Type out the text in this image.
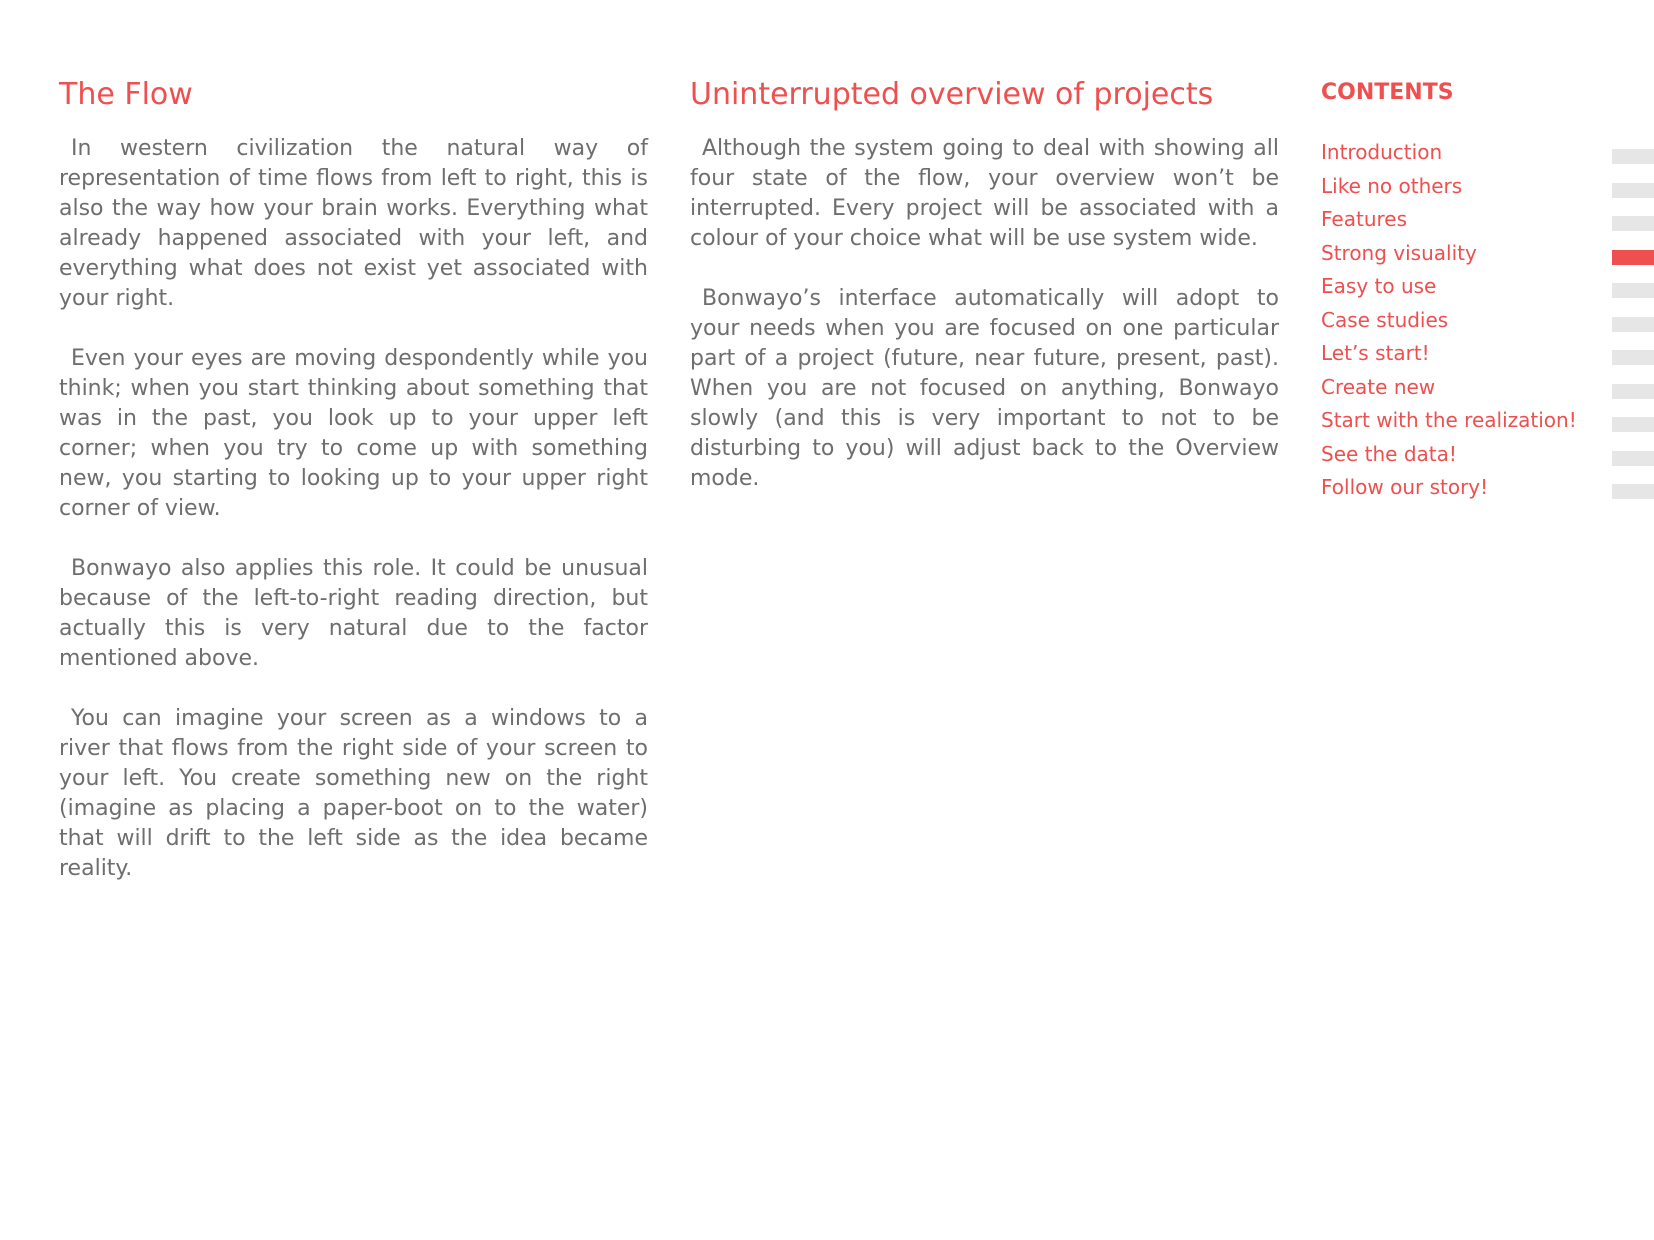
The Flow

In western civilization the natural way of representation of time flows from left to right, this is also the way how your brain works. Everything what already happened associated with your left, and everything what does not exist yet associated with your right.

Even your eyes are moving despondently while you think; when you start thinking about something that was in the past, you look up to your upper left corner; when you try to come up with something new, you starting to looking up to your upper right corner of view.

Bonwayo also applies this role. It could be unusual because of the left-to-right reading direction, but actually this is very natural due to the factor mentioned above.

You can imagine your screen as a windows to a river that flows from the right side of your screen to your left. You create something new on the right (imagine as placing a paper-boot on to the water) that will drift to the left side as the idea became reality.

Uninterrupted overview of projects

Although the system going to deal with showing all four state of the flow, your overview won’t be interrupted. Every project will be associated with a colour of your choice what will be use system wide.

Bonwayo’s interface automatically will adopt to your needs when you are focused on one particular part of a project (future, near future, present, past). When you are not focused on anything, Bonwayo slowly (and this is very important to not to be disturbing to you) will adjust back to the Overview mode.

CONTENTS
Introduction
Like no others
Features
Strong visuality
Easy to use
Case studies
Let’s start!
Create new
Start with the realization!
See the data!
Follow our story!
